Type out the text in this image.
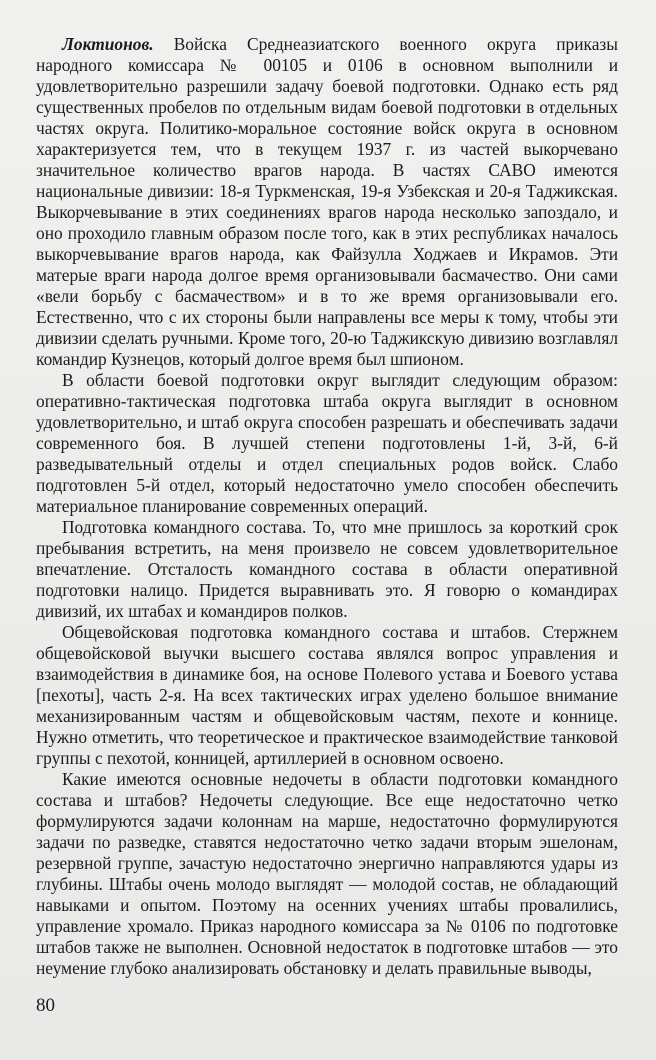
Локтионов. Войска Среднеазиатского военного округа приказы народного комиссара № 00105 и 0106 в основном выполнили и удовлетворительно разрешили задачу боевой подготовки. Однако есть ряд существенных пробелов по отдельным видам боевой подготовки в отдельных частях округа. Политико-моральное состояние войск округа в основном характеризуется тем, что в текущем 1937 г. из частей выкорчевано значительное количество врагов народа. В частях САВО имеются национальные дивизии: 18-я Туркменская, 19-я Узбекская и 20-я Таджикская. Выкорчевывание в этих соединениях врагов народа несколько запоздало, и оно проходило главным образом после того, как в этих республиках началось выкорчевывание врагов народа, как Файзулла Ходжаев и Икрамов. Эти матерые враги народа долгое время организовывали басмачество. Они сами «вели борьбу с басмачеством» и в то же время организовывали его. Естественно, что с их стороны были направлены все меры к тому, чтобы эти дивизии сделать ручными. Кроме того, 20-ю Таджикскую дивизию возглавлял командир Кузнецов, который долгое время был шпионом.

В области боевой подготовки округ выглядит следующим образом: оперативно-тактическая подготовка штаба округа выглядит в основном удовлетворительно, и штаб округа способен разрешать и обеспечивать задачи современного боя. В лучшей степени подготовлены 1-й, 3-й, 6-й разведывательный отделы и отдел специальных родов войск. Слабо подготовлен 5-й отдел, который недостаточно умело способен обеспечить материальное планирование современных операций.

Подготовка командного состава. То, что мне пришлось за короткий срок пребывания встретить, на меня произвело не совсем удовлетворительное впечатление. Отсталость командного состава в области оперативной подготовки налицо. Придется выравнивать это. Я говорю о командирах дивизий, их штабах и командиров полков.

Общевойсковая подготовка командного состава и штабов. Стержнем общевойсковой выучки высшего состава являлся вопрос управления и взаимодействия в динамике боя, на основе Полевого устава и Боевого устава [пехоты], часть 2-я. На всех тактических играх уделено большое внимание механизированным частям и общевойсковым частям, пехоте и коннице. Нужно отметить, что теоретическое и практическое взаимодействие танковой группы с пехотой, конницей, артиллерией в основном освоено.

Какие имеются основные недочеты в области подготовки командного состава и штабов? Недочеты следующие. Все еще недостаточно четко формулируются задачи колоннам на марше, недостаточно формулируются задачи по разведке, ставятся недостаточно четко задачи вторым эшелонам, резервной группе, зачастую недостаточно энергично направляются удары из глубины. Штабы очень молодо выглядят — молодой состав, не обладающий навыками и опытом. Поэтому на осенних учениях штабы провалились, управление хромало. Приказ народного комиссара за № 0106 по подготовке штабов также не выполнен. Основной недостаток в подготовке штабов — это неумение глубоко анализировать обстановку и делать правильные выводы,

80
